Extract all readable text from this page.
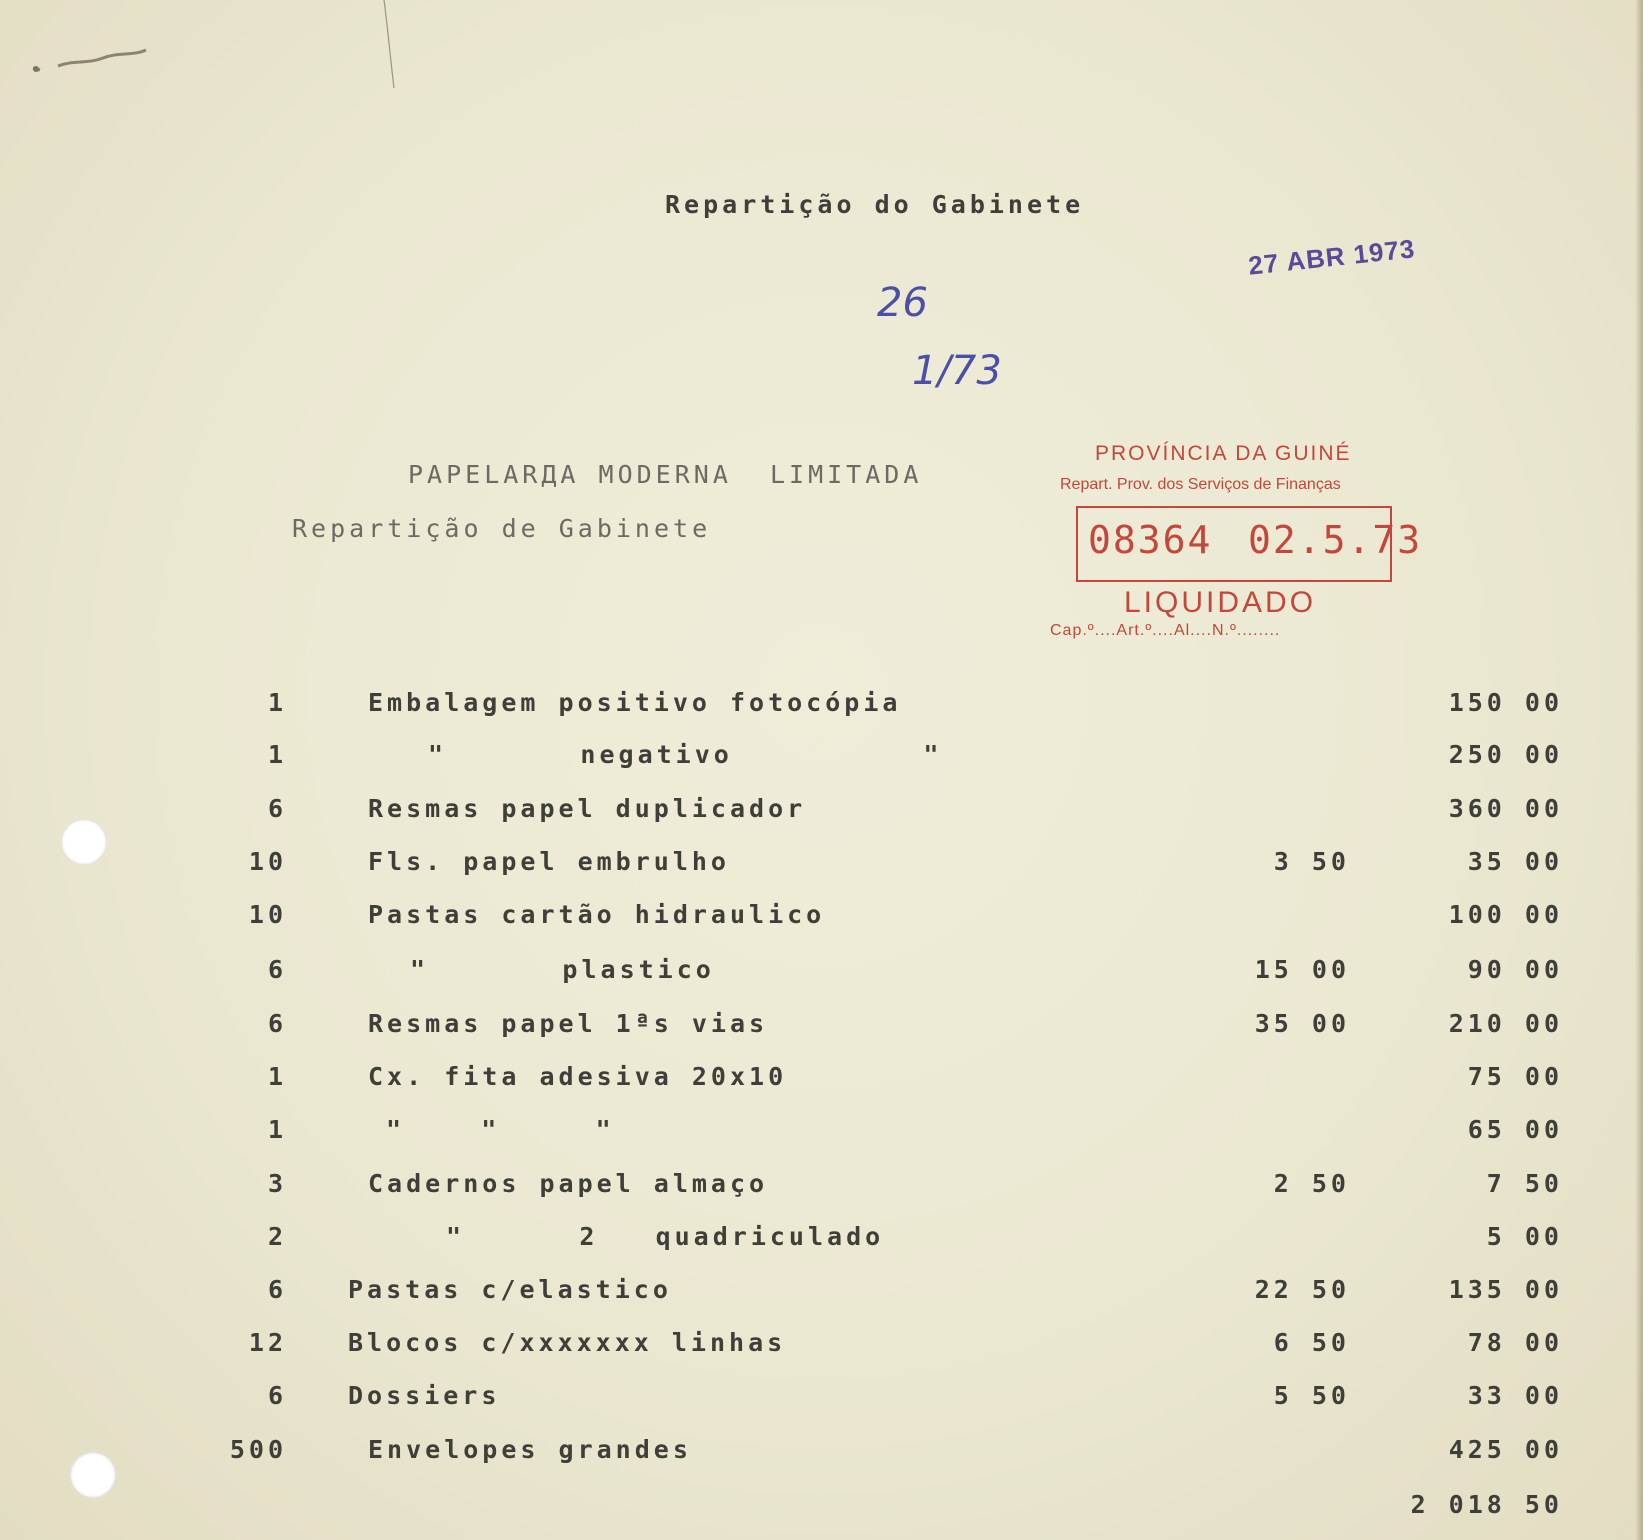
Repartição do Gabinete
27 ABR 1973
26
1/73
PAPELARДA MODERNA  LIMITADA
Repartição de Gabinete
PROVÍNCIA DA GUINÉ
Repart. Prov. dos Serviços de Finanças
08364 02.5.73
LIQUIDADO
Cap.º....Art.º....Al....N.º........
1	Embalagem positivo fotocópia	150 00
1	"       negativo          "	250 00
6	Resmas papel duplicador	360 00
10	Fls. papel embrulho	3 50	35 00
10	Pastas cartão hidraulico	100 00
6	"       plastico	15 00	90 00
6	Resmas papel 1ªs vias	35 00	210 00
1	Cx. fita adesiva 20x10	75 00
1	"    "     "	65 00
3	Cadernos papel almaço	2 50	7 50
2	"      2   quadriculado	5 00
6 Pastas c/elastico	22 50	135 00
12 Blocos c/xxxxxxx linhas	6 50	78 00
6 Dossiers	5 50	33 00
500	Envelopes grandes	425 00
2 018 50
